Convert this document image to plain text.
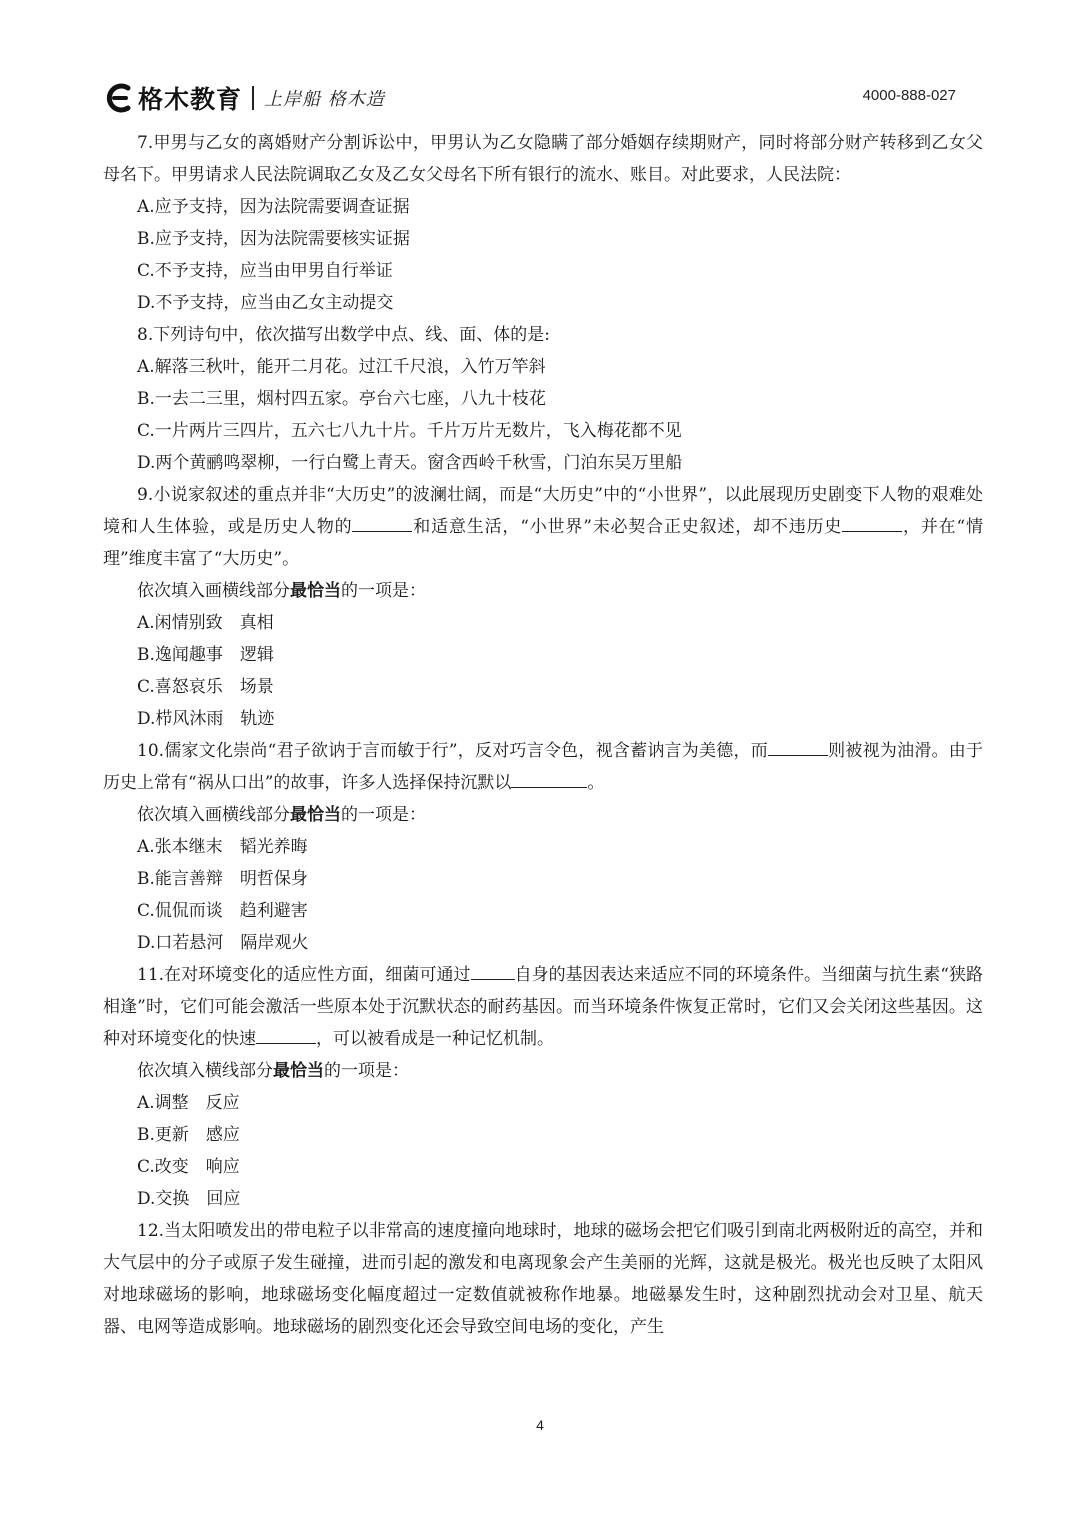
格木教育 上岸船 格木造	4000-888-027

7.甲男与乙女的离婚财产分割诉讼中，甲男认为乙女隐瞒了部分婚姻存续期财产，同时将部分财产转移到乙女父母名下。甲男请求人民法院调取乙女及乙女父母名下所有银行的流水、账目。对此要求，人民法院：

A.应予支持，因为法院需要调查证据

B.应予支持，因为法院需要核实证据

C.不予支持，应当由甲男自行举证

D.不予支持，应当由乙女主动提交

8.下列诗句中，依次描写出数学中点、线、面、体的是:

A.解落三秋叶，能开二月花。过江千尺浪，入竹万竿斜

B.一去二三里，烟村四五家。亭台六七座，八九十枝花

C.一片两片三四片，五六七八九十片。千片万片无数片，飞入梅花都不见

D.两个黄鹂鸣翠柳，一行白鹭上青天。窗含西岭千秋雪，门泊东吴万里船

9.小说家叙述的重点并非“大历史”的波澜壮阔，而是“大历史”中的“小世界”，以此展现历史剧变下人物的艰难处境和人生体验，或是历史人物的	和适意生活，“小世界”未必契合正史叙述，却不违历史	，并在“情理”维度丰富了“大历史”。

依次填入画横线部分最恰当的一项是：

A.闲情别致　真相

B.逸闻趣事　逻辑

C.喜怒哀乐　场景

D.栉风沐雨　轨迹

10.儒家文化崇尚“君子欲讷于言而敏于行”，反对巧言令色，视含蓄讷言为美德，而	则被视为油滑。由于历史上常有“祸从口出”的故事，许多人选择保持沉默以	。

依次填入画横线部分最恰当的一项是：

A.张本继末　韬光养晦

B.能言善辩　明哲保身

C.侃侃而谈　趋利避害

D.口若悬河　隔岸观火

11.在对环境变化的适应性方面，细菌可通过	自身的基因表达来适应不同的环境条件。当细菌与抗生素“狭路相逢”时，它们可能会激活一些原本处于沉默状态的耐药基因。而当环境条件恢复正常时，它们又会关闭这些基因。这种对环境变化的快速	，可以被看成是一种记忆机制。

依次填入横线部分最恰当的一项是：

A.调整　反应

B.更新　感应

C.改变　响应

D.交换　回应

12.当太阳喷发出的带电粒子以非常高的速度撞向地球时，地球的磁场会把它们吸引到南北两极附近的高空，并和大气层中的分子或原子发生碰撞，进而引起的激发和电离现象会产生美丽的光辉，这就是极光。极光也反映了太阳风对地球磁场的影响，地球磁场变化幅度超过一定数值就被称作地暴。地磁暴发生时，这种剧烈扰动会对卫星、航天器、电网等造成影响。地球磁场的剧烈变化还会导致空间电场的变化，产生

4
